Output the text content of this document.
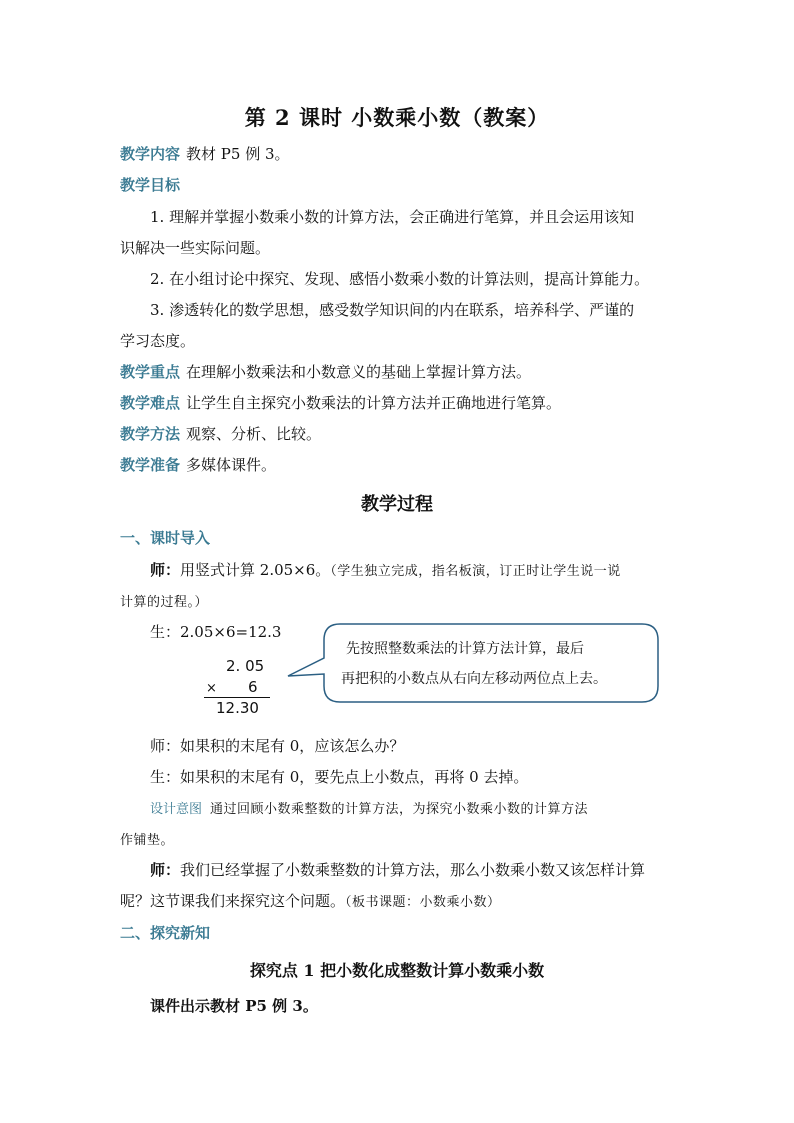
第 2 课时 小数乘小数（教案）
教学内容 教材 P5 例 3。
教学目标
1. 理解并掌握小数乘小数的计算方法，会正确进行笔算，并且会运用该知
识解决一些实际问题。
2. 在小组讨论中探究、发现、感悟小数乘小数的计算法则，提高计算能力。
3. 渗透转化的数学思想，感受数学知识间的内在联系，培养科学、严谨的
学习态度。
教学重点 在理解小数乘法和小数意义的基础上掌握计算方法。
教学难点 让学生自主探究小数乘法的计算方法并正确地进行笔算。
教学方法 观察、分析、比较。
教学准备 多媒体课件。
教学过程
一、课时导入
师：用竖式计算 2.05×6。（学生独立完成，指名板演，订正时让学生说一说
计算的过程。）
生：2.05×6=12.3
2. 05
× 6
12.30
先按照整数乘法的计算方法计算，最后
再把积的小数点从右向左移动两位点上去。
师：如果积的末尾有 0，应该怎么办？
生：如果积的末尾有 0，要先点上小数点，再将 0 去掉。
设计意图 通过回顾小数乘整数的计算方法，为探究小数乘小数的计算方法
作铺垫。
师：我们已经掌握了小数乘整数的计算方法，那么小数乘小数又该怎样计算
呢？这节课我们来探究这个问题。（板书课题：小数乘小数）
二、探究新知
探究点 1 把小数化成整数计算小数乘小数
课件出示教材 P5 例 3。
